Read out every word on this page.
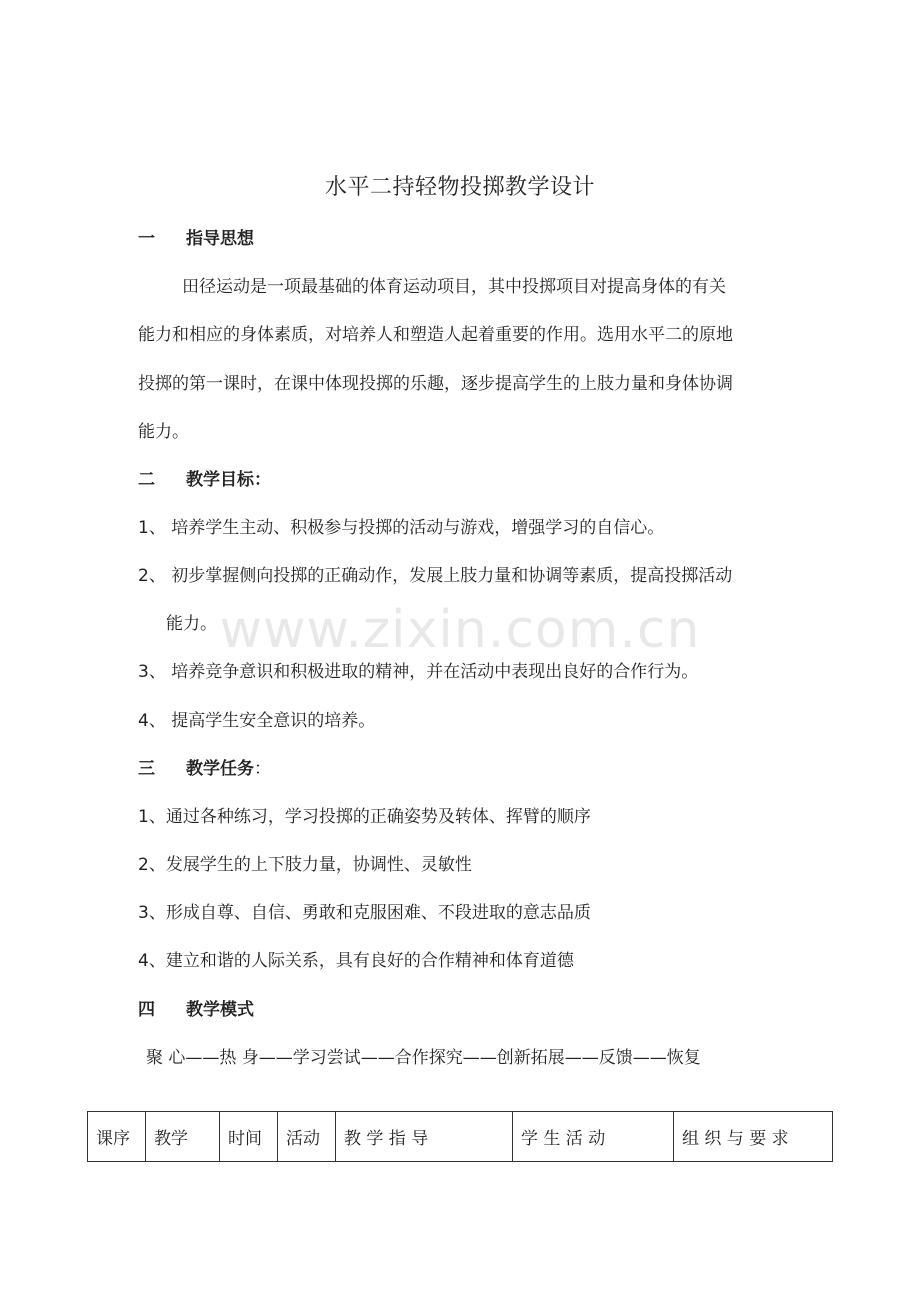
水平二持轻物投掷教学设计
一 指导思想
田径运动是一项最基础的体育运动项目，其中投掷项目对提高身体的有关
能力和相应的身体素质，对培养人和塑造人起着重要的作用。选用水平二的原地
投掷的第一课时，在课中体现投掷的乐趣，逐步提高学生的上肢力量和身体协调
能力。
二 教学目标：
1、 培养学生主动、积极参与投掷的活动与游戏，增强学习的自信心。
2、 初步掌握侧向投掷的正确动作，发展上肢力量和协调等素质，提高投掷活动
能力。
3、 培养竞争意识和积极进取的精神，并在活动中表现出良好的合作行为。
4、 提高学生安全意识的培养。
三 教学任务：
1、通过各种练习，学习投掷的正确姿势及转体、挥臂的顺序
2、发展学生的上下肢力量，协调性、灵敏性
3、形成自尊、自信、勇敢和克服困难、不段进取的意志品质
4、建立和谐的人际关系，具有良好的合作精神和体育道德
四 教学模式
聚 心——热 身——学习尝试——合作探究——创新拓展——反馈——恢复
课序	教学	时间	活动	教 学 指 导	学 生 活 动	组 织 与 要 求
www.zixin.com.cn
